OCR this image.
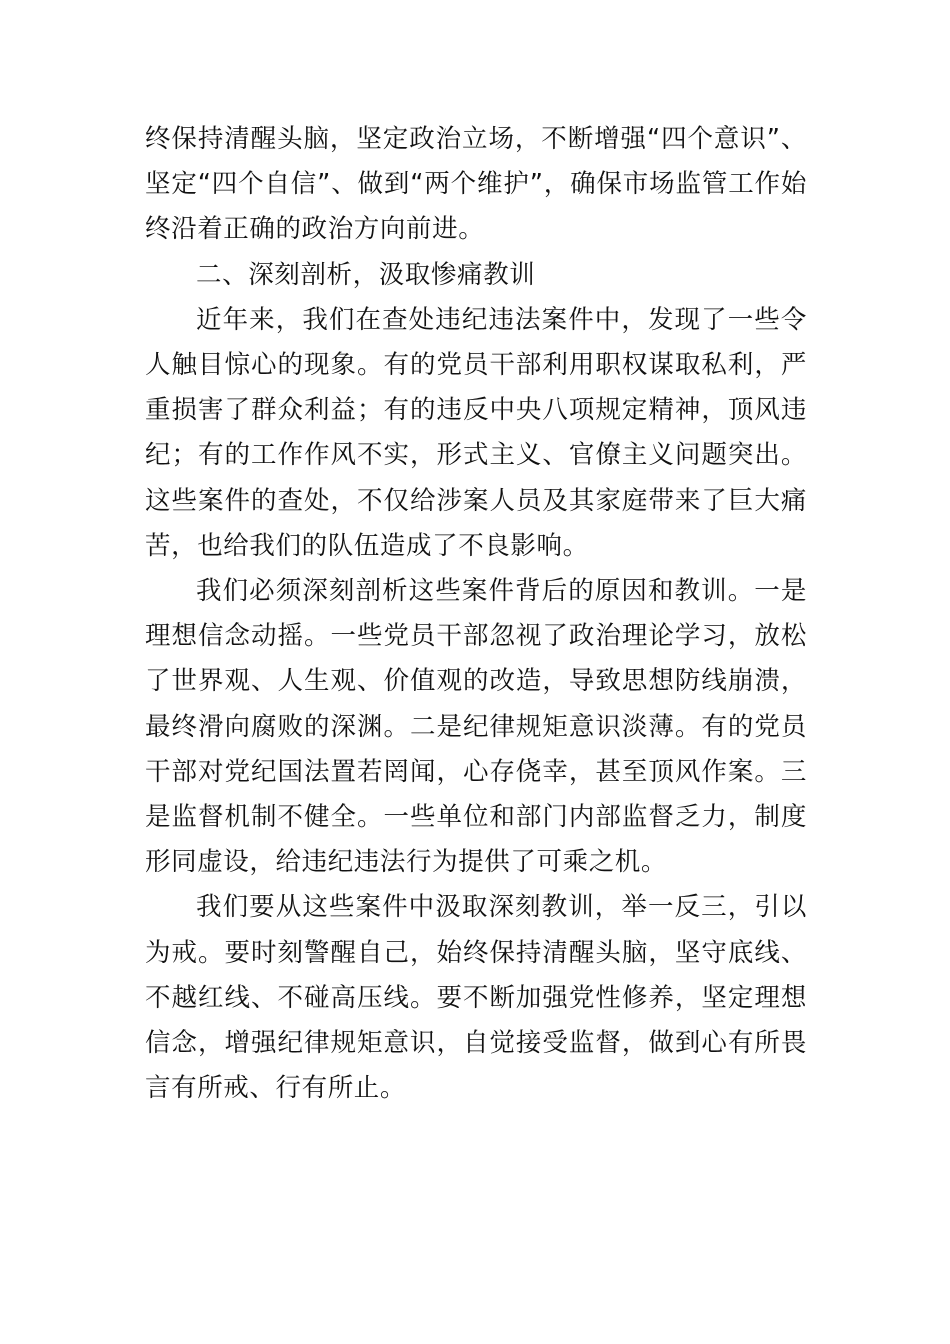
终保持清醒头脑，坚定政治立场，不断增强“四个意识”、坚定“四个自信”、做到“两个维护”，确保市场监管工作始终沿着正确的政治方向前进。

二、深刻剖析，汲取惨痛教训

近年来，我们在查处违纪违法案件中，发现了一些令人触目惊心的现象。有的党员干部利用职权谋取私利，严重损害了群众利益；有的违反中央八项规定精神，顶风违纪；有的工作作风不实，形式主义、官僚主义问题突出。这些案件的查处，不仅给涉案人员及其家庭带来了巨大痛苦，也给我们的队伍造成了不良影响。

我们必须深刻剖析这些案件背后的原因和教训。一是理想信念动摇。一些党员干部忽视了政治理论学习，放松了世界观、人生观、价值观的改造，导致思想防线崩溃，最终滑向腐败的深渊。二是纪律规矩意识淡薄。有的党员干部对党纪国法置若罔闻，心存侥幸，甚至顶风作案。三是监督机制不健全。一些单位和部门内部监督乏力，制度形同虚设，给违纪违法行为提供了可乘之机。

我们要从这些案件中汲取深刻教训，举一反三，引以为戒。要时刻警醒自己，始终保持清醒头脑，坚守底线、不越红线、不碰高压线。要不断加强党性修养，坚定理想信念，增强纪律规矩意识，自觉接受监督，做到心有所畏言有所戒、行有所止。
